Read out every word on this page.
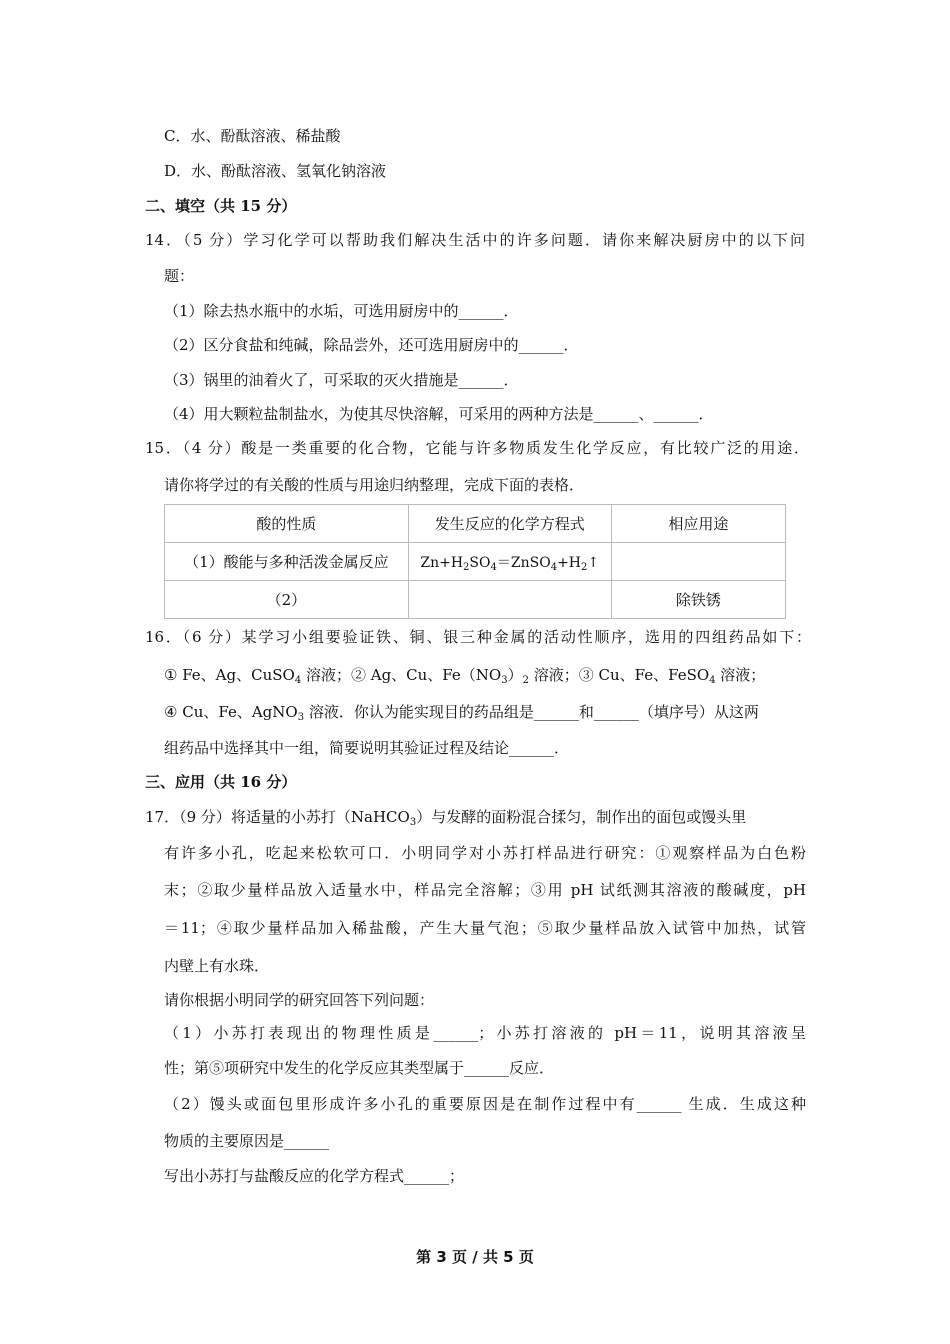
C．水、酚酞溶液、稀盐酸
D．水、酚酞溶液、氢氧化钠溶液
二、填空（共 15 分）
14．（5 分）学习化学可以帮助我们解决生活中的许多问题．请你来解决厨房中的以下问
题：
（1）除去热水瓶中的水垢，可选用厨房中的______．
（2）区分食盐和纯碱，除品尝外，还可选用厨房中的______．
（3）锅里的油着火了，可采取的灭火措施是______．
（4）用大颗粒盐制盐水，为使其尽快溶解，可采用的两种方法是______、______．
15．（4 分）酸是一类重要的化合物，它能与许多物质发生化学反应，有比较广泛的用途．
请你将学过的有关酸的性质与用途归纳整理，完成下面的表格．
酸的性质	发生反应的化学方程式	相应用途
（1）酸能与多种活泼金属反应	$Zn+H_2SO_4=ZnSO_4+H_2↑$	
（2）		除铁锈
16．（6 分）某学习小组要验证铁、铜、银三种金属的活动性顺序，选用的四组药品如下：
① Fe、Ag、CuSO$_4$ 溶液；② Ag、Cu、$Fe(NO_3)_2$ 溶液；③ Cu、Fe、FeSO$_4$ 溶液；
④ Cu、Fe、AgNO$_3$ 溶液．你认为能实现目的药品组是______和______（填序号）从这两
组药品中选择其中一组，简要说明其验证过程及结论______．
三、应用（共 16 分）
17．（9 分）将适量的小苏打（NaHCO$_3$）与发酵的面粉混合揉匀，制作出的面包或馒头里
有许多小孔，吃起来松软可口．小明同学对小苏打样品进行研究：①观察样品为白色粉
末；②取少量样品放入适量水中，样品完全溶解；③用 pH 试纸测其溶液的酸碱度，pH
＝11；④取少量样品加入稀盐酸，产生大量气泡；⑤取少量样品放入试管中加热，试管
内壁上有水珠．
请你根据小明同学的研究回答下列问题：
（1）小苏打表现出的物理性质是______；小苏打溶液的 pH＝11，说明其溶液呈
性；第⑤项研究中发生的化学反应其类型属于______反应．
（2）馒头或面包里形成许多小孔的重要原因是在制作过程中有______ 生成．生成这种
物质的主要原因是______
写出小苏打与盐酸反应的化学方程式______；
第 3 页 / 共 5 页
